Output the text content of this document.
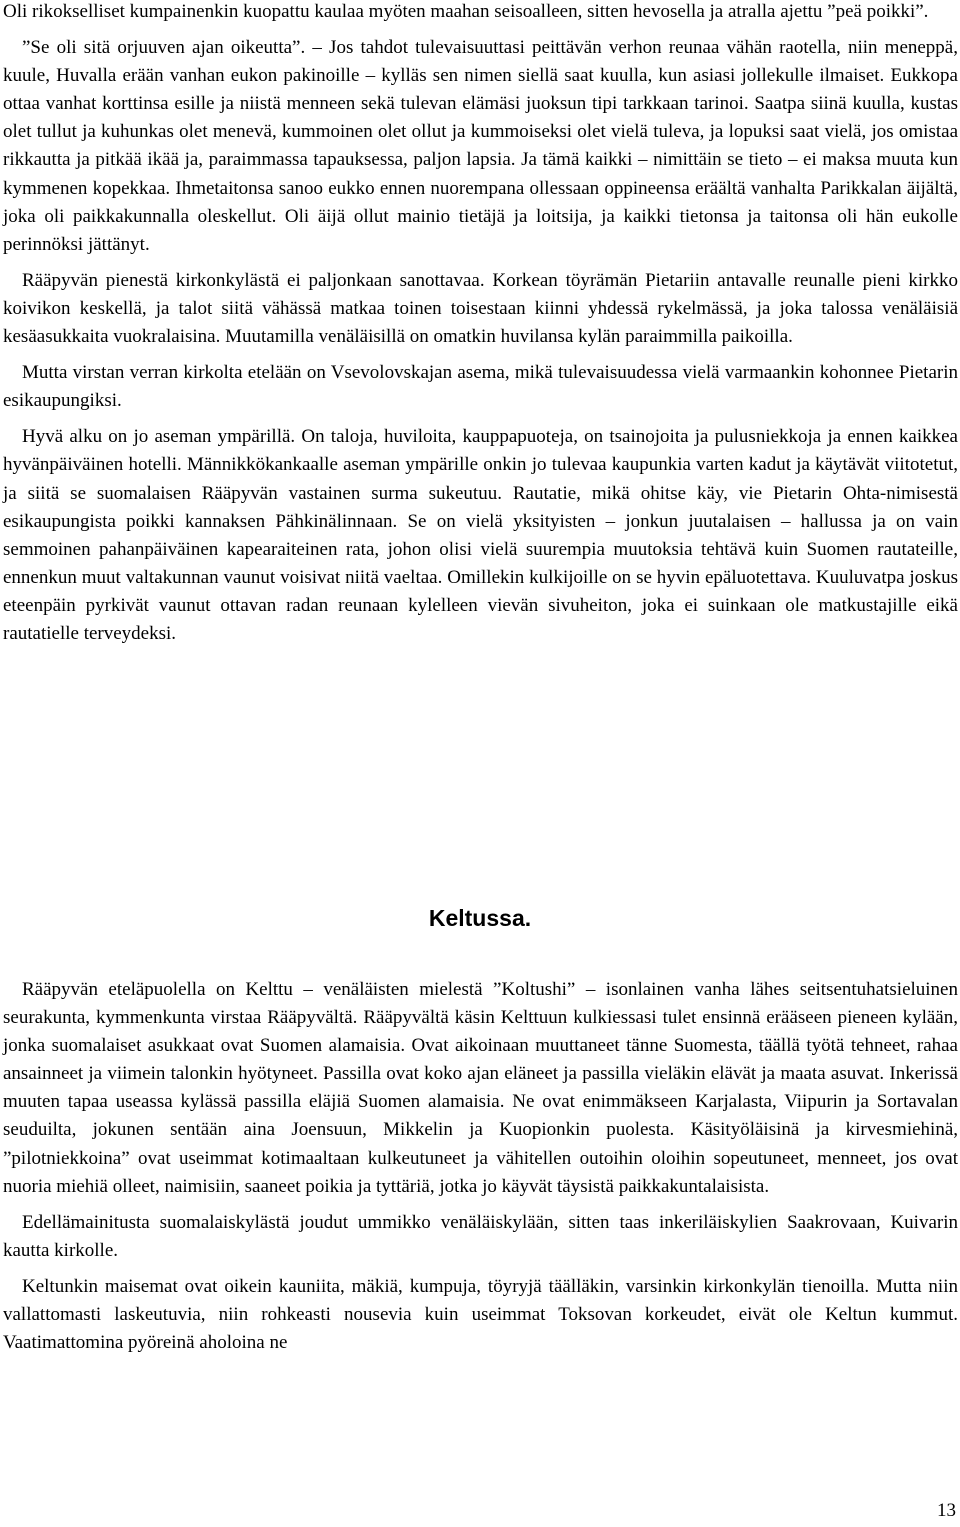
Oli rikokselliset kumpainenkin kuopattu kaulaa myöten maahan seisoalleen, sitten hevosella ja atralla ajettu ”peä poikki”.

”Se oli sitä orjuuven ajan oikeutta”. – Jos tahdot tulevaisuuttasi peittävän verhon reunaa vähän raotella, niin meneppä, kuule, Huvalla erään vanhan eukon pakinoille – kylläs sen nimen siellä saat kuulla, kun asiasi jollekulle ilmaiset. Eukkopa ottaa vanhat korttinsa esille ja niistä menneen sekä tulevan elämäsi juoksun tipi tarkkaan tarinoi. Saatpa siinä kuulla, kustas olet tullut ja kuhunkas olet menevä, kummoinen olet ollut ja kummoiseksi olet vielä tuleva, ja lopuksi saat vielä, jos omistaa rikkautta ja pitkää ikää ja, paraimmassa tapauksessa, paljon lapsia. Ja tämä kaikki – nimittäin se tieto – ei maksa muuta kun kymmenen kopekkaa. Ihmetaitonsa sanoo eukko ennen nuorempana ollessaan oppineensa eräältä vanhalta Parikkalan äijältä, joka oli paikkakunnalla oleskellut. Oli äijä ollut mainio tietäjä ja loitsija, ja kaikki tietonsa ja taitonsa oli hän eukolle perinnöksi jättänyt.

Rääpyvän pienestä kirkonkylästä ei paljonkaan sanottavaa. Korkean töyrämän Pietariin antavalle reunalle pieni kirkko koivikon keskellä, ja talot siitä vähässä matkaa toinen toisestaan kiinni yhdessä rykelmässä, ja joka talossa venäläisiä kesäasukkaita vuokralaisina. Muutamilla venäläisillä on omatkin huvilansa kylän paraimmilla paikoilla.

Mutta virstan verran kirkolta etelään on Vsevolovskajan asema, mikä tulevaisuudessa vielä varmaankin kohonnee Pietarin esikaupungiksi.

Hyvä alku on jo aseman ympärillä. On taloja, huviloita, kauppapuoteja, on tsainojoita ja pulusniekkoja ja ennen kaikkea hyvänpäiväinen hotelli. Männikkökankaalle aseman ympärille onkin jo tulevaa kaupunkia varten kadut ja käytävät viitotetut, ja siitä se suomalaisen Rääpyvän vastainen surma sukeutuu. Rautatie, mikä ohitse käy, vie Pietarin Ohta-nimisestä esikaupungista poikki kannaksen Pähkinälinnaan. Se on vielä yksityisten – jonkun juutalaisen – hallussa ja on vain semmoinen pahanpäiväinen kapearaiteinen rata, johon olisi vielä suurempia muutoksia tehtävä kuin Suomen rautateille, ennenkun muut valtakunnan vaunut voisivat niitä vaeltaa. Omillekin kulkijoille on se hyvin epäluotettava. Kuuluvatpa joskus eteenpäin pyrkivät vaunut ottavan radan reunaan kylelleen vievän sivuheiton, joka ei suinkaan ole matkustajille eikä rautatielle terveydeksi.

Keltussa.

Rääpyvän eteläpuolella on Kelttu – venäläisten mielestä ”Koltushi” – isonlainen vanha lähes seitsentuhatsieluinen seurakunta, kymmenkunta virstaa Rääpyvältä. Rääpyvältä käsin Kelttuun kulkiessasi tulet ensinnä erääseen pieneen kylään, jonka suomalaiset asukkaat ovat Suomen alamaisia. Ovat aikoinaan muuttaneet tänne Suomesta, täällä työtä tehneet, rahaa ansainneet ja viimein talonkin hyötyneet. Passilla ovat koko ajan eläneet ja passilla vieläkin elävät ja maata asuvat. Inkerissä muuten tapaa useassa kylässä passilla eläjiä Suomen alamaisia. Ne ovat enimmäkseen Karjalasta, Viipurin ja Sortavalan seuduilta, jokunen sentään aina Joensuun, Mikkelin ja Kuopionkin puolesta. Käsityöläisinä ja kirvesmiehinä, ”pilotniekkoina” ovat useimmat kotimaaltaan kulkeutuneet ja vähitellen outoihin oloihin sopeutuneet, menneet, jos ovat nuoria miehiä olleet, naimisiin, saaneet poikia ja tyttäriä, jotka jo käyvät täysistä paikkakuntalaisista.

Edellämainitusta suomalaiskylästä joudut ummikko venäläiskylään, sitten taas inkeriläiskylien Saakrovaan, Kuivarin kautta kirkolle.

Keltunkin maisemat ovat oikein kauniita, mäkiä, kumpuja, töyryjä täälläkin, varsinkin kirkonkylän tienoilla. Mutta niin vallattomasti laskeutuvia, niin rohkeasti nousevia kuin useimmat Toksovan korkeudet, eivät ole Keltun kummut. Vaatimattomina pyöreinä aholoina ne

13
